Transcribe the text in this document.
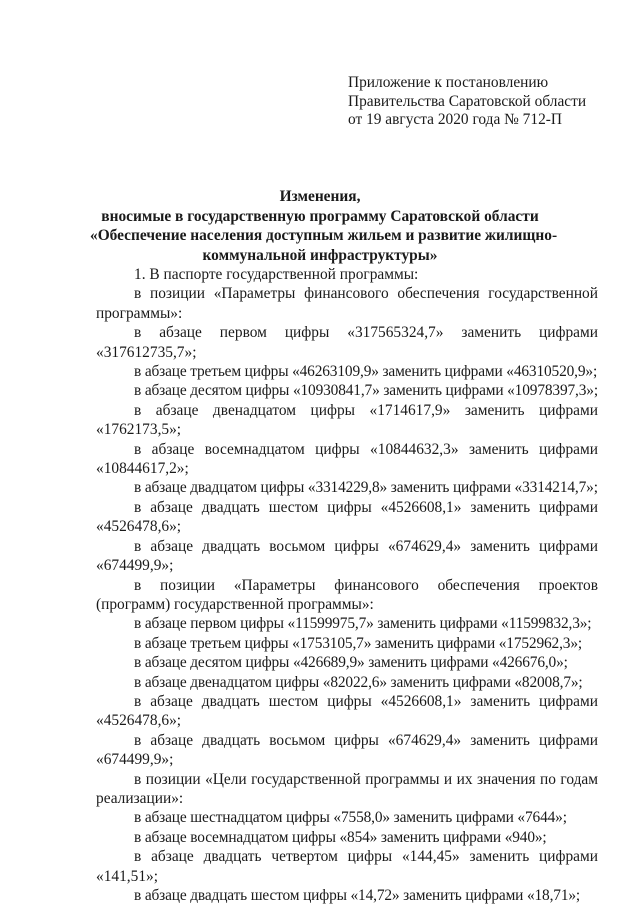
Приложение к постановлению
Правительства Саратовской области
от 19 августа 2020 года № 712-П
Изменения,
вносимые в государственную программу Саратовской области
«Обеспечение населения доступным жильем и развитие жилищно-
коммунальной инфраструктуры»

1. В паспорте государственной программы:

в позиции «Параметры финансового обеспечения государственной программы»:

в абзаце первом цифры «317565324,7» заменить цифрами «317612735,7»;

в абзаце третьем цифры «46263109,9» заменить цифрами «46310520,9»;

в абзаце десятом цифры «10930841,7» заменить цифрами «10978397,3»;

в абзаце двенадцатом цифры «1714617,9» заменить цифрами «1762173,5»;

в абзаце восемнадцатом цифры «10844632,3» заменить цифрами «10844617,2»;

в абзаце двадцатом цифры «3314229,8» заменить цифрами «3314214,7»;

в абзаце двадцать шестом цифры «4526608,1» заменить цифрами «4526478,6»;

в абзаце двадцать восьмом цифры «674629,4» заменить цифрами «674499,9»;

в позиции «Параметры финансового обеспечения проектов (программ) государственной программы»:

в абзаце первом цифры «11599975,7» заменить цифрами «11599832,3»;

в абзаце третьем цифры «1753105,7» заменить цифрами «1752962,3»;

в абзаце десятом цифры «426689,9» заменить цифрами «426676,0»;

в абзаце двенадцатом цифры «82022,6» заменить цифрами «82008,7»;

в абзаце двадцать шестом цифры «4526608,1» заменить цифрами «4526478,6»;

в абзаце двадцать восьмом цифры «674629,4» заменить цифрами «674499,9»;

в позиции «Цели государственной программы и их значения по годам реализации»:

в абзаце шестнадцатом цифры «7558,0» заменить цифрами «7644»;

в абзаце восемнадцатом цифры «854» заменить цифрами «940»;

в абзаце двадцать четвертом цифры «144,45» заменить цифрами «141,51»;

в абзаце двадцать шестом цифры «14,72» заменить цифрами «18,71»;
